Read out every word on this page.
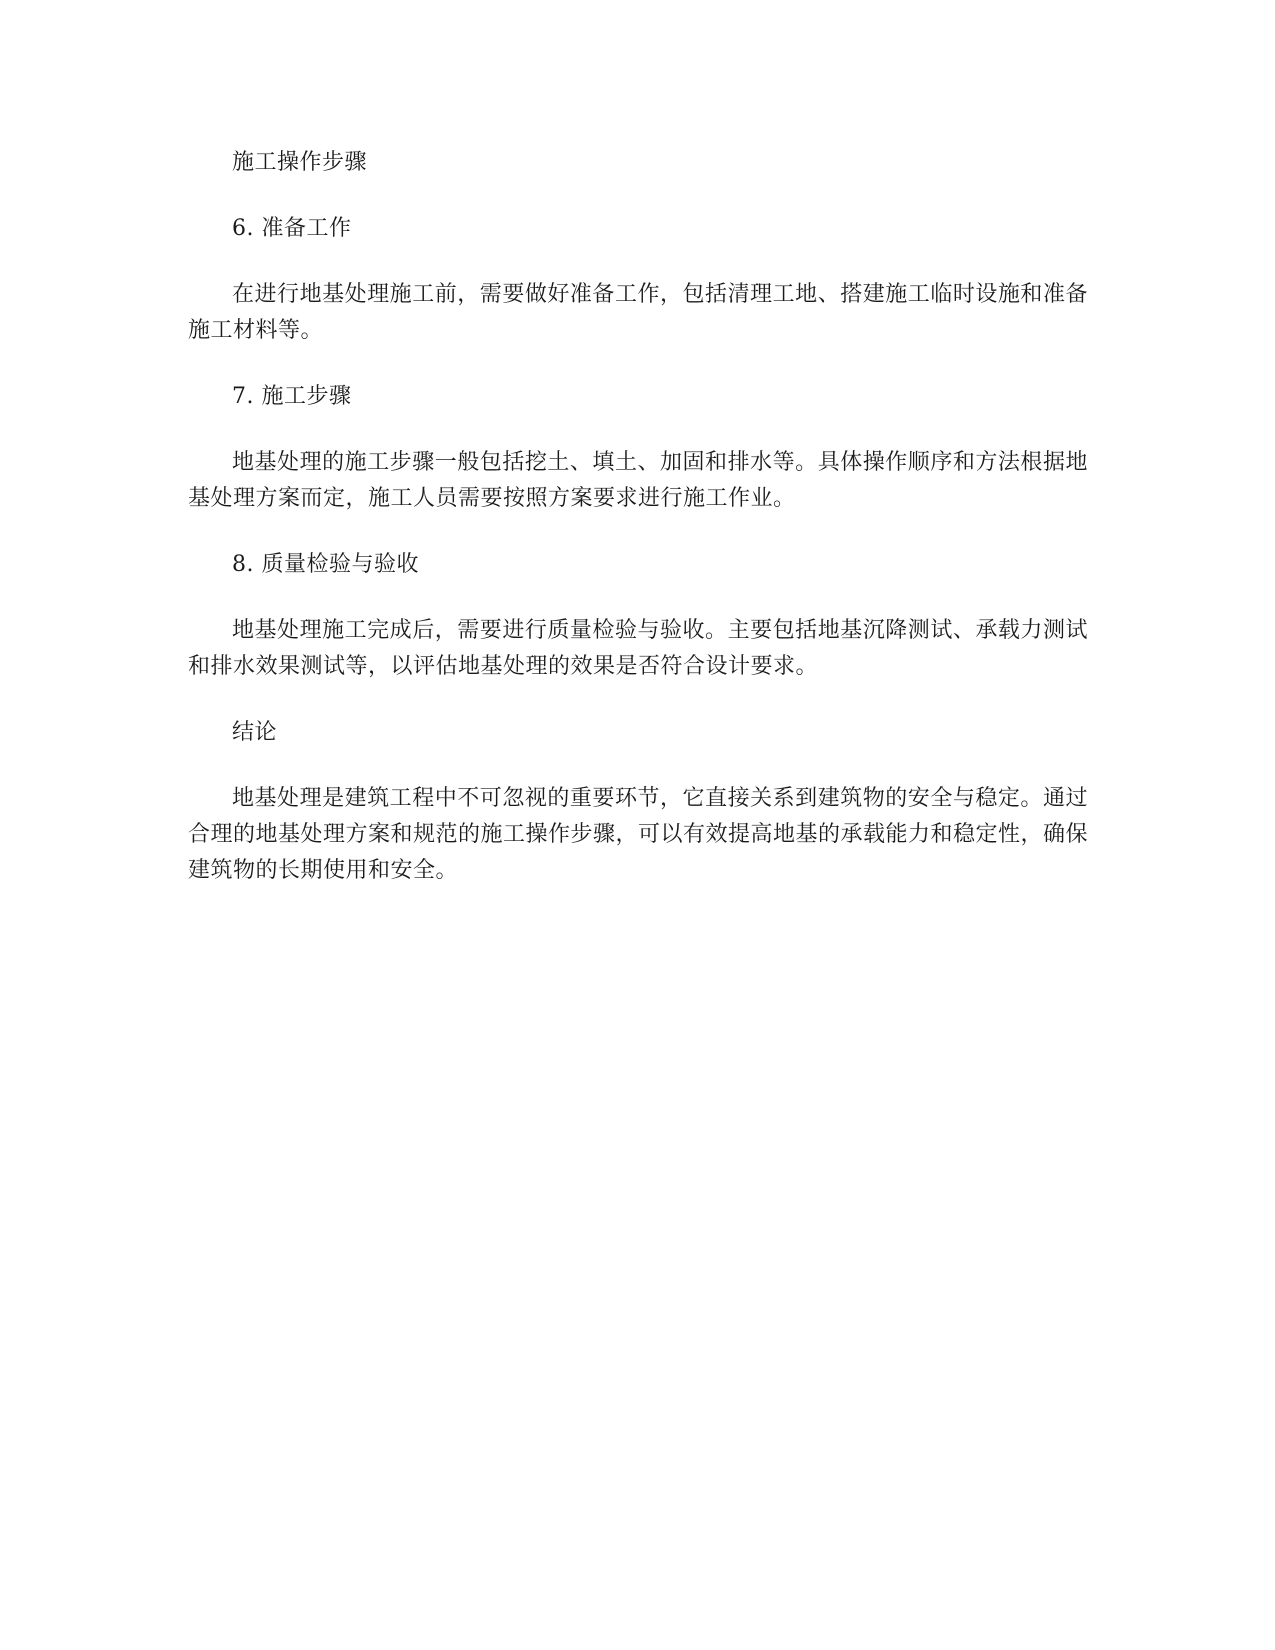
施工操作步骤

6. 准备工作

在进行地基处理施工前，需要做好准备工作，包括清理工地、搭建施工临时设施和准备施工材料等。

7. 施工步骤

地基处理的施工步骤一般包括挖土、填土、加固和排水等。具体操作顺序和方法根据地基处理方案而定，施工人员需要按照方案要求进行施工作业。

8. 质量检验与验收

地基处理施工完成后，需要进行质量检验与验收。主要包括地基沉降测试、承载力测试和排水效果测试等，以评估地基处理的效果是否符合设计要求。

结论

地基处理是建筑工程中不可忽视的重要环节，它直接关系到建筑物的安全与稳定。通过合理的地基处理方案和规范的施工操作步骤，可以有效提高地基的承载能力和稳定性，确保建筑物的长期使用和安全。
